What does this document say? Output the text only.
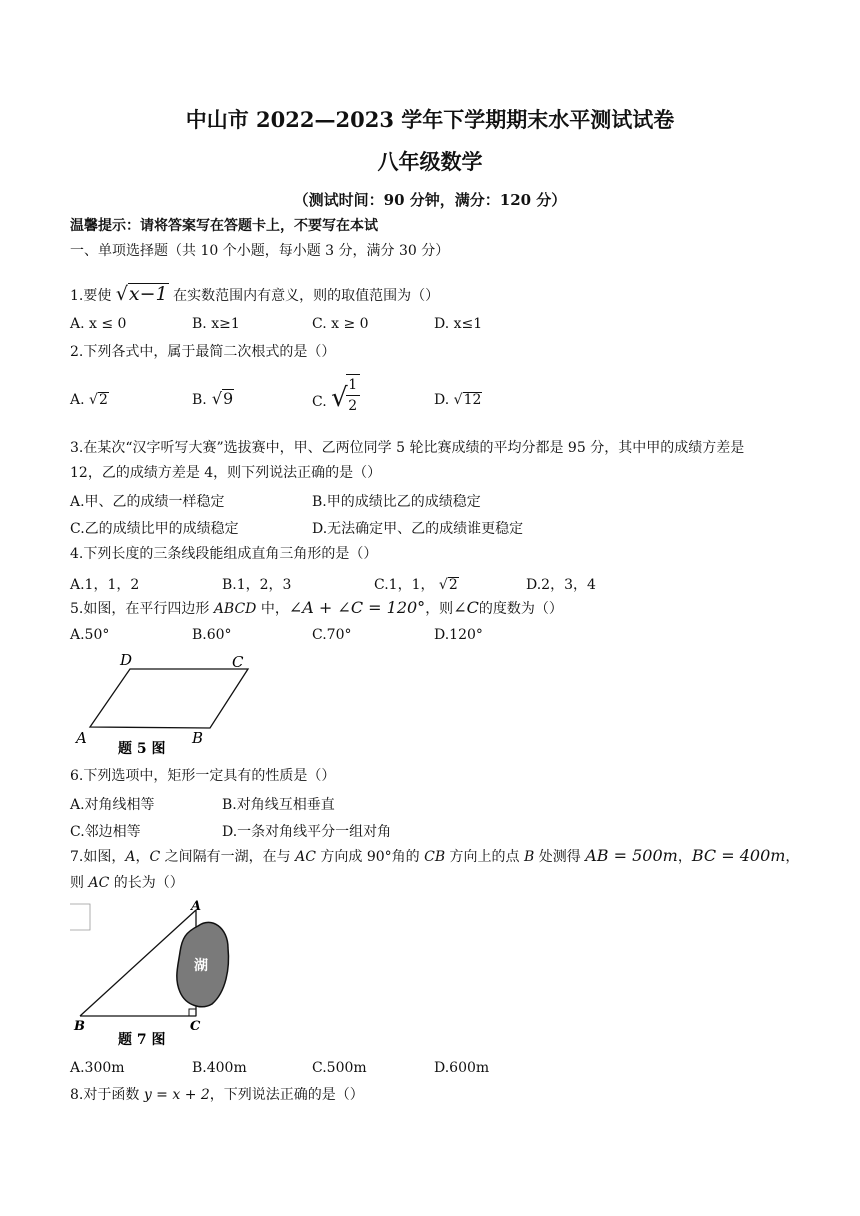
中山市 2022—2023 学年下学期期末水平测试试卷
八年级数学
（测试时间：90 分钟，满分：120 分）
温馨提示：请将答案写在答题卡上，不要写在本试
一、单项选择题（共 10 个小题，每小题 3 分，满分 30 分）
1.要使 √x−1 在实数范围内有意义，则的取值范围为（）
A. x ≤ 0	B. x≥1	C. x ≥ 0	D. x≤1
2.下列各式中，属于最简二次根式的是（）
A. √2	B. √9	C. √
$\frac{1}{2}$	D. √12
3.在某次“汉字听写大赛”选拔赛中，甲、乙两位同学 5 轮比赛成绩的平均分都是 95 分，其中甲的成绩方差是
12，乙的成绩方差是 4，则下列说法正确的是（）
A.甲、乙的成绩一样稳定	B.甲的成绩比乙的成绩稳定
C.乙的成绩比甲的成绩稳定	D.无法确定甲、乙的成绩谁更稳定
4.下列长度的三条线段能组成直角三角形的是（）
A.1，1，2	B.1，2，3	C.1，1， √2	D.2，3，4
5.如图，在平行四边形 ABCD 中，∠A + ∠C = 120°，则∠C的度数为（）
A.50°	B.60°	C.70°	D.120°
D	C
A	B
题 5 图
6.下列选项中，矩形一定具有的性质是（）
A.对角线相等	B.对角线互相垂直
C.邻边相等	D.一条对角线平分一组对角
7.如图，A，C 之间隔有一湖，在与 AC 方向成 90°角的 CB 方向上的点 B 处测得 AB = 500m，BC = 400m，
则 AC 的长为（）
湖
A
B	C
题 7 图
A.300m	B.400m	C.500m	D.600m
8.对于函数 y = x + 2，下列说法正确的是（）
